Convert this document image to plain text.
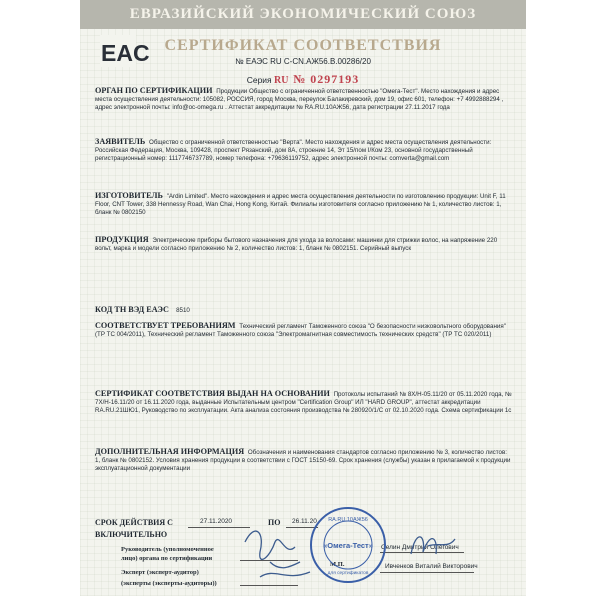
ЕВРАЗИЙСКИЙ ЭКОНОМИЧЕСКИЙ СОЮЗ
EAC СЕРТИФИКАТ СООТВЕТСТВИЯ
№ ЕАЭС RU C-CN.АЖ56.В.00286/20
Серия RU № 0297193
ОРГАН ПО СЕРТИФИКАЦИИ Продукции Общество с ограниченной ответственностью "Омега-Тест". Место нахождения и адрес места осуществления деятельности: 105082, РОССИЯ, город Москва, переулок Балакиревский, дом 19, офис 601, телефон: +7 4992888294 , адрес электронной почты: info@oc-omega.ru . Аттестат аккредитации № RA.RU.10АЖ56, дата регистрации 27.11.2017 года
ЗАЯВИТЕЛЬ Общество с ограниченной ответственностью "Верта". Место нахождения и адрес места осуществления деятельности: Российская Федерация, Москва, 109428, проспект Рязанский, дом 8А, строение 14, Эт 15/пом I/Ком 23, основной государственный регистрационный номер: 1117746737789, номер телефона: +79636119752, адрес электронной почты: comverta@gmail.com
ИЗГОТОВИТЕЛЬ "Ardin Limited". Место нахождения и адрес места осуществления деятельности по изготовлению продукции: Unit F, 11 Floor, CNT Tower, 338 Hennessy Road, Wan Chai, Hong Kong, Китай. Филиалы изготовителя согласно приложению № 1, количество листов: 1, бланк № 0802150
ПРОДУКЦИЯ Электрические приборы бытового назначения для ухода за волосами: машинки для стрижки волос, на напряжение 220 вольт, марка и модели согласно приложению № 2, количество листов: 1, бланк № 0802151. Серийный выпуск
КОД ТН ВЭД ЕАЭС 8510
СООТВЕТСТВУЕТ ТРЕБОВАНИЯМ Технический регламент Таможенного союза "О безопасности низковольтного оборудования" (ТР ТС 004/2011), Технический регламент Таможенного союза "Электромагнитная совместимость технических средств" (ТР ТС 020/2011)
СЕРТИФИКАТ СООТВЕТСТВИЯ ВЫДАН НА ОСНОВАНИИ Протоколы испытаний № 8Х/Н-05.11/20 от 05.11.2020 года, № 7Х/Н-16.11/20 от 16.11.2020 года, выданные Испытательным центром "Certification Group" ИЛ "HARD GROUP", аттестат аккредитации RA.RU.21ШЮ1, Руководство по эксплуатации. Акта анализа состояния производства № 280920/1/С от 02.10.2020 года. Схема сертификации 1с
ДОПОЛНИТЕЛЬНАЯ ИНФОРМАЦИЯ Обозначения и наименования стандартов согласно приложению № 3, количество листов: 1, бланк № 0802152. Условия хранения продукции в соответствии с ГОСТ 15150-69. Срок хранения (службы) указан в прилагаемой к продукции эксплуатационной документации
СРОК ДЕЙСТВИЯ С	27.11.2020	ПО 26.11.20
ВКЛЮЧИТЕЛЬНО
Руководитель (уполномоченное
лицо) органа по сертификации
Селин Дмитрий Олегович
Эксперт (эксперт-аудитор)
(эксперты (эксперты-аудиторы))
Ивченков Виталий Викторович
М.П.
RA.RU.10АЖ56
«Омега-Тест»
для сертификатов
